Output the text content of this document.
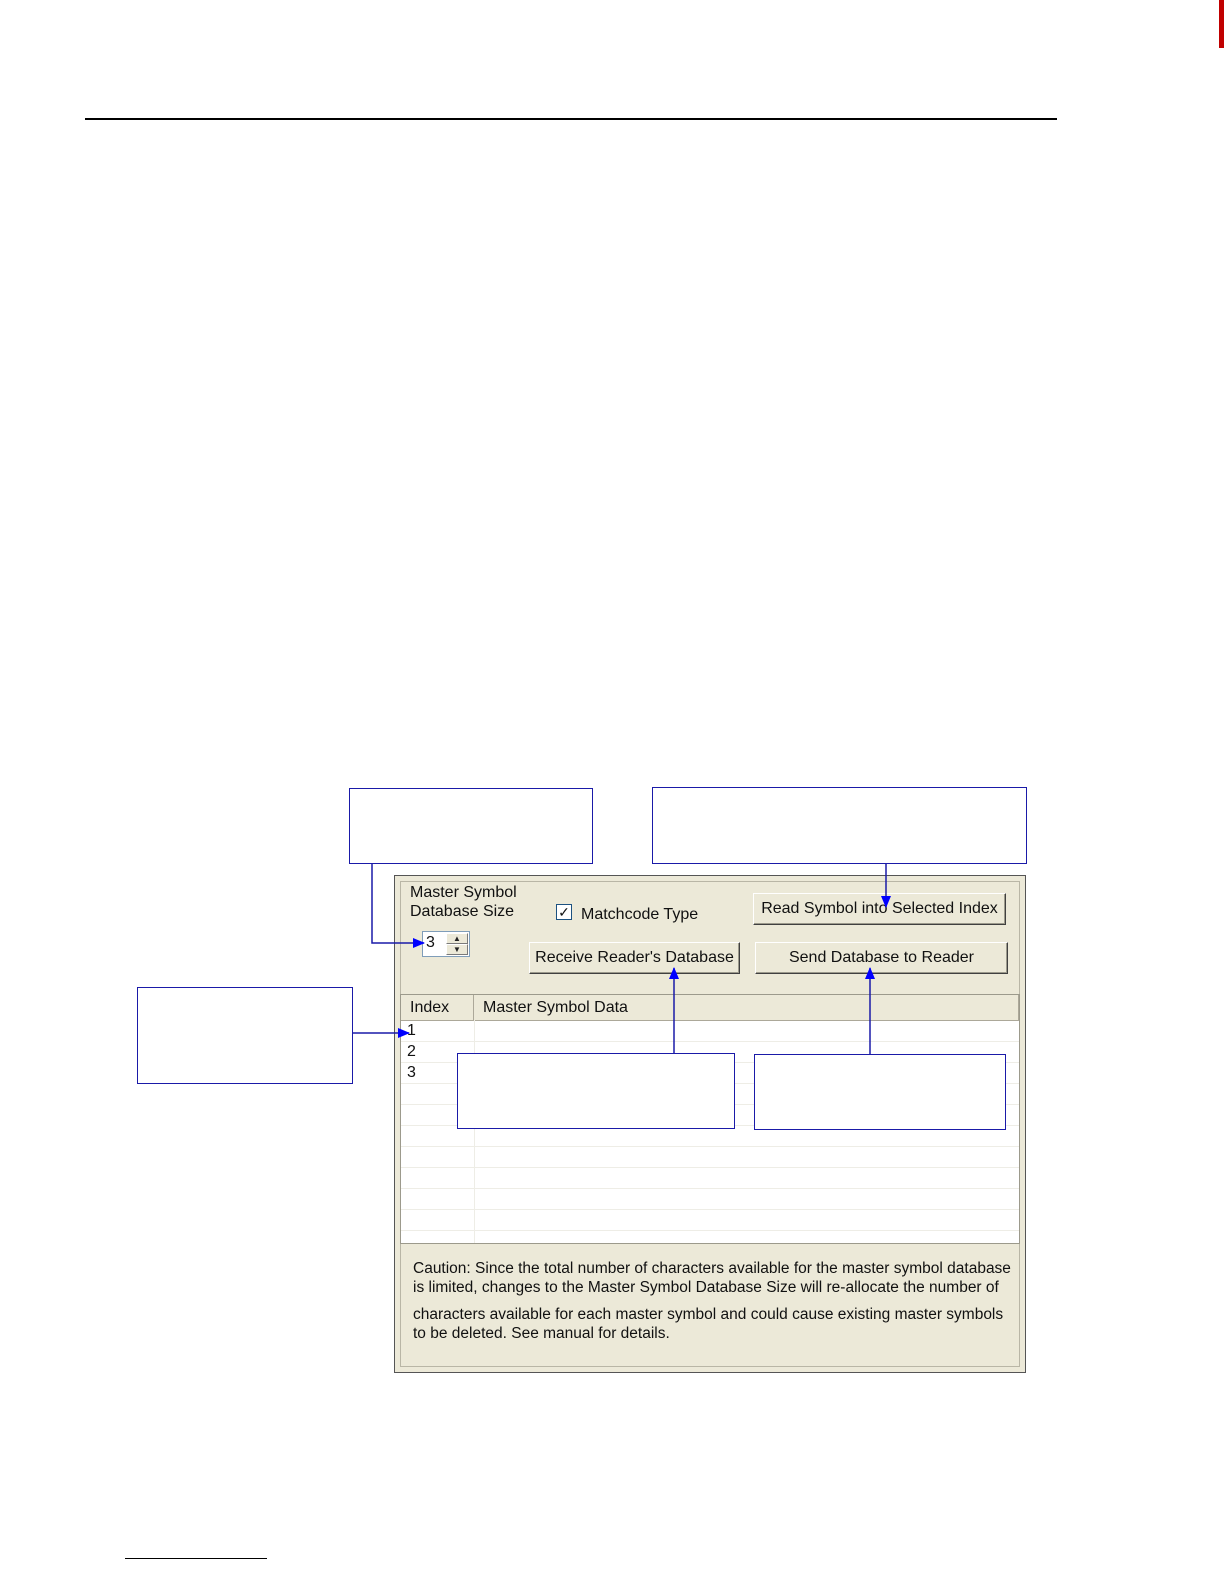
Master Symbol
Database Size
3	▲
▼
✓ Matchcode Type	Read Symbol into Selected Index
Receive Reader's Database	Send Database to Reader
Index	Master Symbol Data
1
2
3

Caution: Since the total number of characters available for the master symbol database is limited, changes to the Master Symbol Database Size will re-allocate the number of

characters available for each master symbol and could cause existing master symbols to be deleted. See manual for details.
